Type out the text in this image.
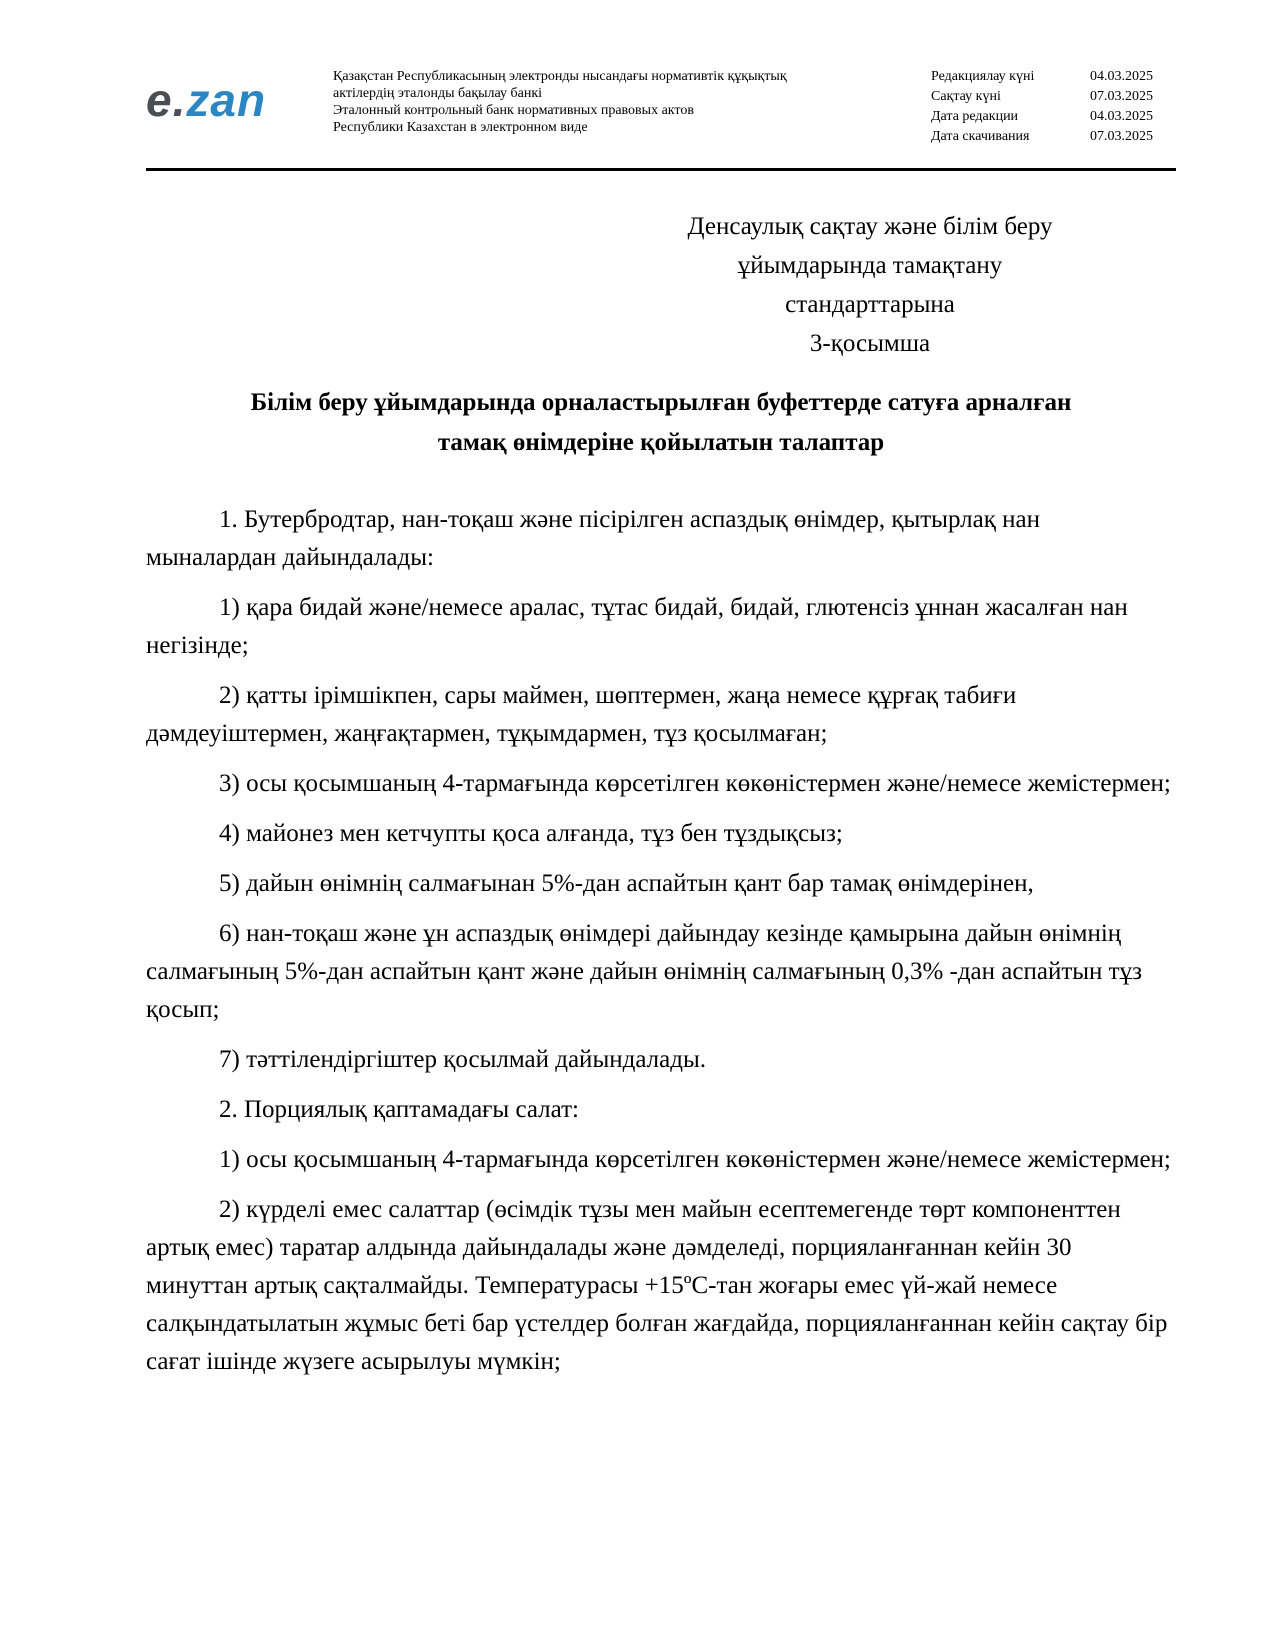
e.zan	Қазақстан Республикасының электронды нысандағы нормативтік құқықтық
актілердің эталонды бақылау банкі
Эталонный контрольный банк нормативных правовых актов
Республики Казахстан в электронном виде
Редакциялау күні	04.03.2025
Сақтау күні	07.03.2025
Дата редакции	04.03.2025
Дата скачивания	07.03.2025
Денсаулық сақтау және білім беру
ұйымдарында тамақтану
стандарттарына
3-қосымша
Білім беру ұйымдарында орналастырылған буфеттерде сатуға арналған
тамақ өнімдеріне қойылатын талаптар

1. Бутербродтар, нан-тоқаш және пісірілген аспаздық өнімдер, қытырлақ нан мыналардан дайындалады:

1) қара бидай және/немесе аралас, тұтас бидай, бидай, глютенсіз ұннан жасалған нан негізінде;

2) қатты ірімшікпен, сары маймен, шөптермен, жаңа немесе құрғақ табиғи дәмдеуіштермен, жаңғақтармен, тұқымдармен, тұз қосылмаған;

3) осы қосымшаның 4-тармағында көрсетілген көкөністермен және/немесе жемістермен;

4) майонез мен кетчупты қоса алғанда, тұз бен тұздықсыз;

5) дайын өнімнің салмағынан 5%-дан аспайтын қант бар тамақ өнімдерінен,

6) нан-тоқаш және ұн аспаздық өнімдері дайындау кезінде қамырына дайын өнімнің салмағының 5%-дан аспайтын қант және дайын өнімнің салмағының 0,3% -дан аспайтын тұз қосып;

7) тәттілендіргіштер қосылмай дайындалады.

2. Порциялық қаптамадағы салат:

1) осы қосымшаның 4-тармағында көрсетілген көкөністермен және/немесе жемістермен;

2) күрделі емес салаттар (өсімдік тұзы мен майын есептемегенде төрт компоненттен артық емес) таратар алдында дайындалады және дәмделеді, порцияланғаннан кейін 30 минуттан артық сақталмайды. Температурасы +15ºС-тан жоғары емес үй-жай немесе салқындатылатын жұмыс беті бар үстелдер болған жағдайда, порцияланғаннан кейін сақтау бір сағат ішінде жүзеге асырылуы мүмкін;
